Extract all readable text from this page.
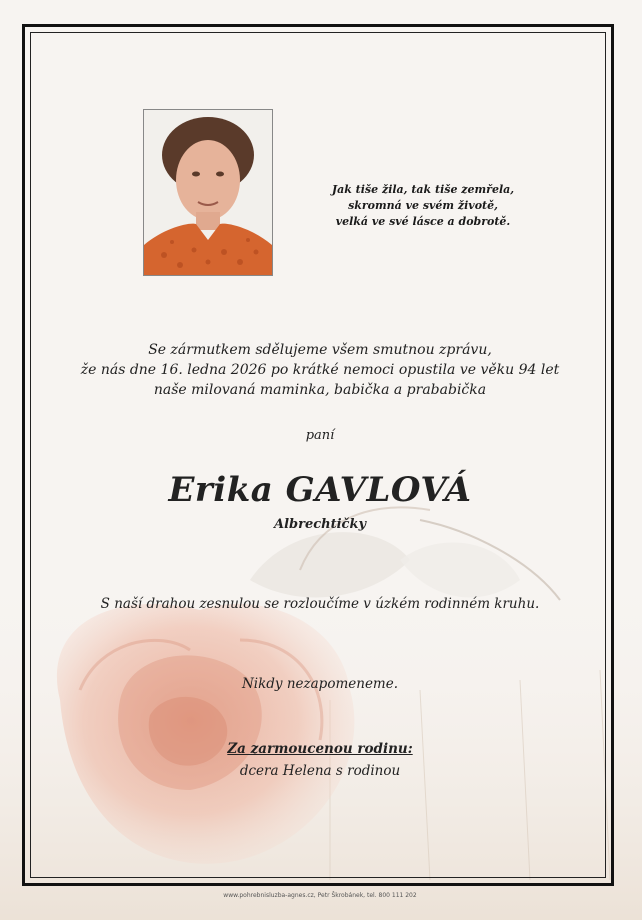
Jak tiše žila, tak tiše zemřela,
skromná ve svém životě,
velká ve své lásce a dobrotě.
Se zármutkem sdělujeme všem smutnou zprávu,
že nás dne 16. ledna 2026 po krátké nemoci opustila ve věku 94 let
naše milovaná maminka, babička a prababička
paní
Erika GAVLOVÁ
Albrechtičky
S naší drahou zesnulou se rozloučíme v úzkém rodinném kruhu.
Nikdy nezapomeneme.
Za zarmoucenou rodinu:
dcera Helena s rodinou
www.pohrebnisluzba-agnes.cz, Petr Škrobánek, tel. 800 111 202
